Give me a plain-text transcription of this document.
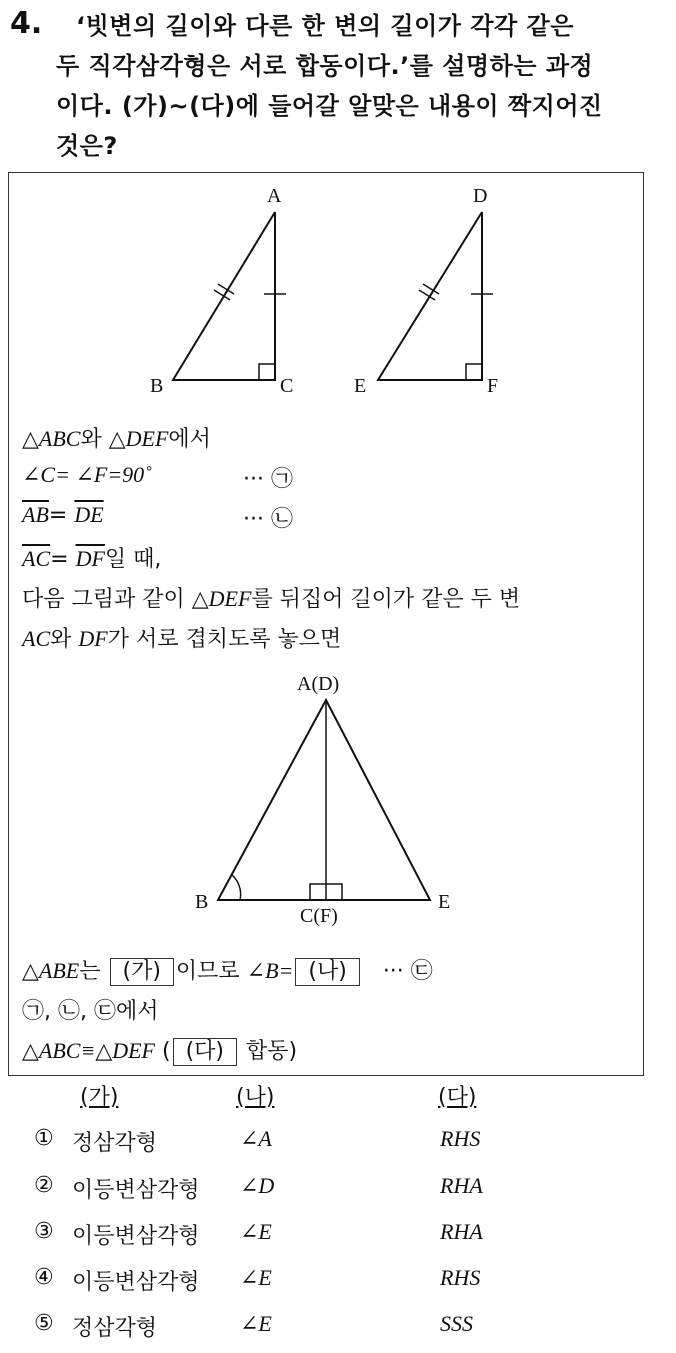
4. ‘빗변의 길이와 다른 한 변의 길이가 각각 같은
두 직각삼각형은 서로 합동이다.’를 설명하는 과정
이다. (가)~(다)에 들어갈 알맞은 내용이 짝지어진
것은?
A
B	C
D
E	F
△ABC와 △DEF에서
∠C= ∠F=90˚	··· ㉠
$\overline{AB}= \overline{DE}$	··· ㉡
$\overline{AC}= \overline{DF}$일 때,
다음 그림과 같이 △DEF를 뒤집어 길이가 같은 두 변
AC와 DF가 서로 겹치도록 놓으면
A(D)
B
C(F)
E
△ABE는 (가) 이므로 ∠B= (나) ··· ㉢
㉠, ㉡, ㉢에서
△ABC≡△DEF ( (다) 합동)
(가)	(나)	(다)
① 정삼각형	∠A	RHS
② 이등변삼각형 ∠D	RHA
③ 이등변삼각형 ∠E	RHA
④ 이등변삼각형 ∠E	RHS
⑤ 정삼각형	∠E	SSS
